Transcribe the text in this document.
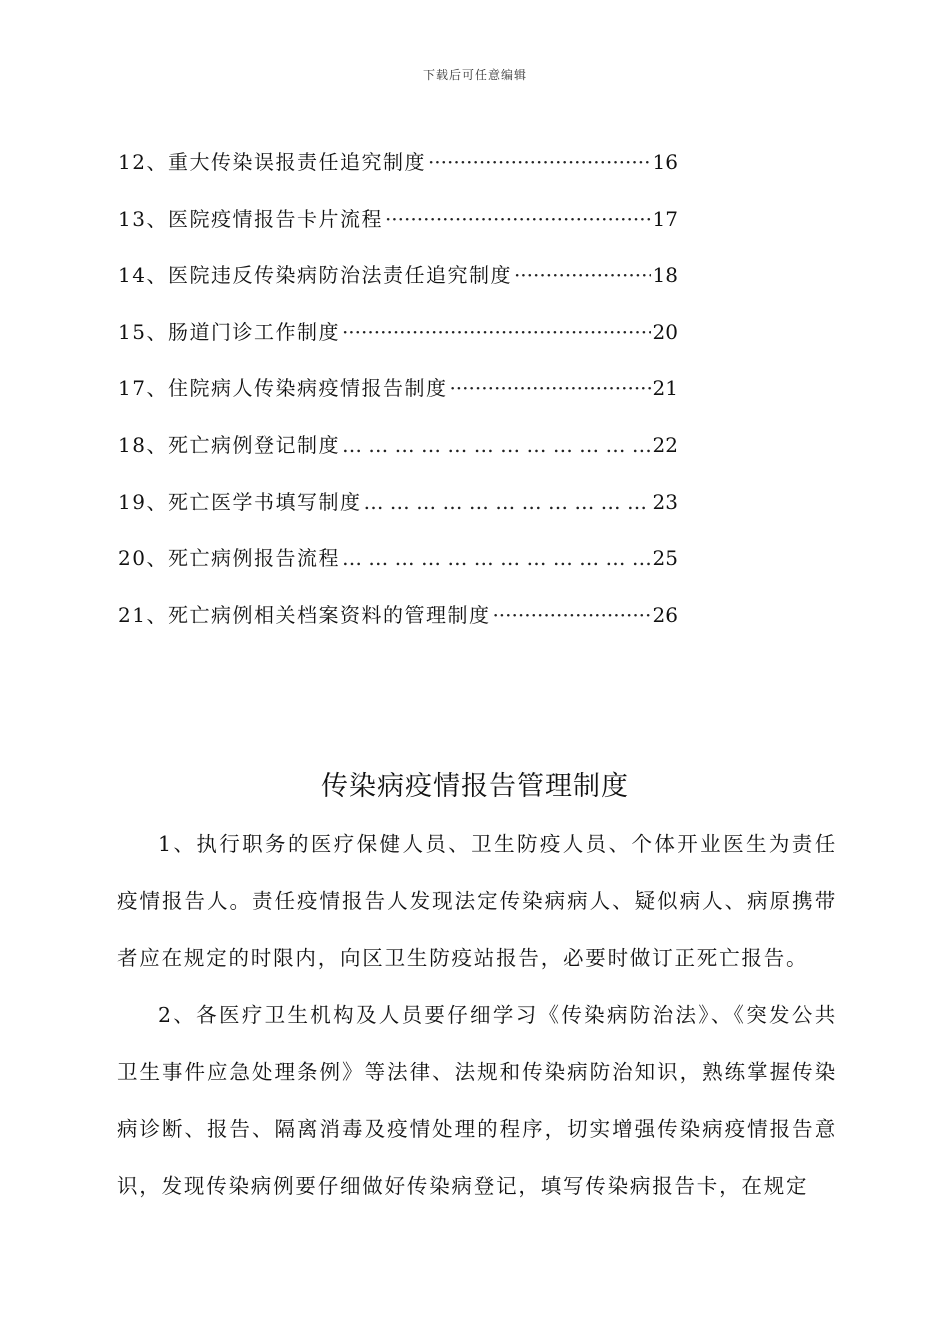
下载后可任意编辑
12、重大传染误报责任追究制度 ·····	16
13、医院疫情报告卡片流程 ·····	17
14、医院违反传染病防治法责任追究制度 ·····	18
15、肠道门诊工作制度 ·····	20
17、住院病人传染病疫情报告制度 ·····	21
18、死亡病例登记制度 … … … … … … … … … … … … … … … … … … … … … … … … … … … … … … … … … … … … … … … … … … … … …	22
19、死亡医学书填写制度 … … … … … … … … … … … … … … … … … … … … … … … … … … … … … … … … … … … … … … … … … … … … …	23
20、死亡病例报告流程 … … … … … … … … … … … … … … … … … … … … … … … … … … … … … … … … … … … … … … … … … … … … …	25
21、死亡病例相关档案资料的管理制度 ·····	26
传染病疫情报告管理制度

1、执行职务的医疗保健人员、卫生防疫人员、个体开业医生为责任疫情报告人。责任疫情报告人发现法定传染病病人、疑似病人、病原携带者应在规定的时限内，向区卫生防疫站报告，必要时做订正死亡报告。

2、各医疗卫生机构及人员要仔细学习《传染病防治法》、《突发公共卫生事件应急处理条例》等法律、法规和传染病防治知识，熟练掌握传染病诊断、报告、隔离消毒及疫情处理的程序，切实增强传染病疫情报告意识，发现传染病例要仔细做好传染病登记，填写传染病报告卡，在规定
